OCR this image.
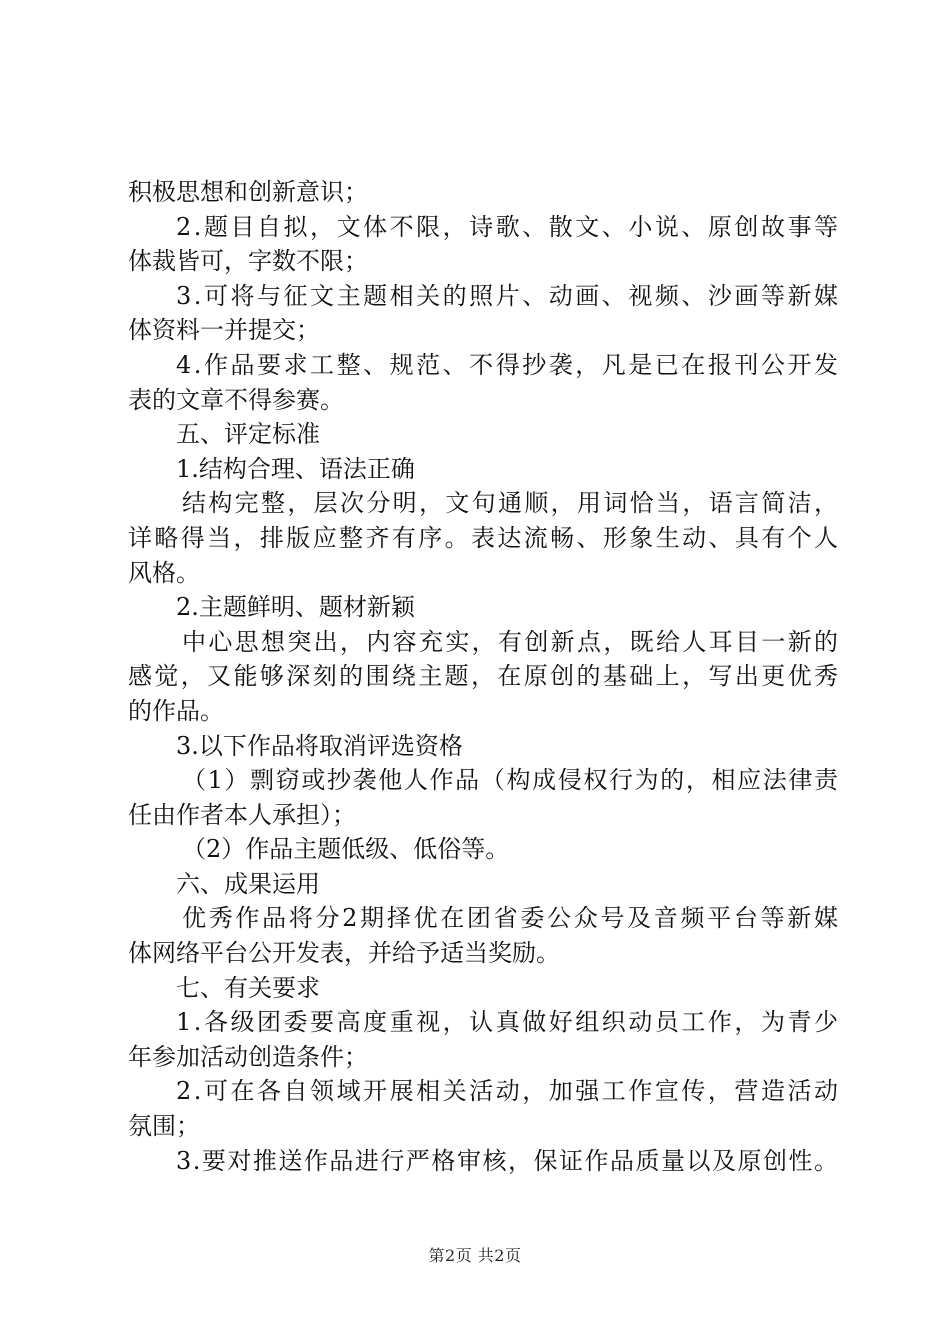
积极思想和创新意识；
2.题目自拟，文体不限，诗歌、散文、小说、原创故事等
体裁皆可，字数不限；
3.可将与征文主题相关的照片、动画、视频、沙画等新媒
体资料一并提交；
4.作品要求工整、规范、不得抄袭，凡是已在报刊公开发
表的文章不得参赛。
五、评定标准
1.结构合理、语法正确
结构完整，层次分明，文句通顺，用词恰当，语言简洁，
详略得当，排版应整齐有序。表达流畅、形象生动、具有个人
风格。
2.主题鲜明、题材新颖
中心思想突出，内容充实，有创新点，既给人耳目一新的
感觉，又能够深刻的围绕主题，在原创的基础上，写出更优秀
的作品。
3.以下作品将取消评选资格
（1）剽窃或抄袭他人作品（构成侵权行为的，相应法律责
任由作者本人承担）；
（2）作品主题低级、低俗等。
六、成果运用
优秀作品将分2期择优在团省委公众号及音频平台等新媒
体网络平台公开发表，并给予适当奖励。
七、有关要求
1.各级团委要高度重视，认真做好组织动员工作，为青少
年参加活动创造条件；
2.可在各自领域开展相关活动，加强工作宣传，营造活动
氛围；
3.要对推送作品进行严格审核，保证作品质量以及原创性。
第2页 共2页
